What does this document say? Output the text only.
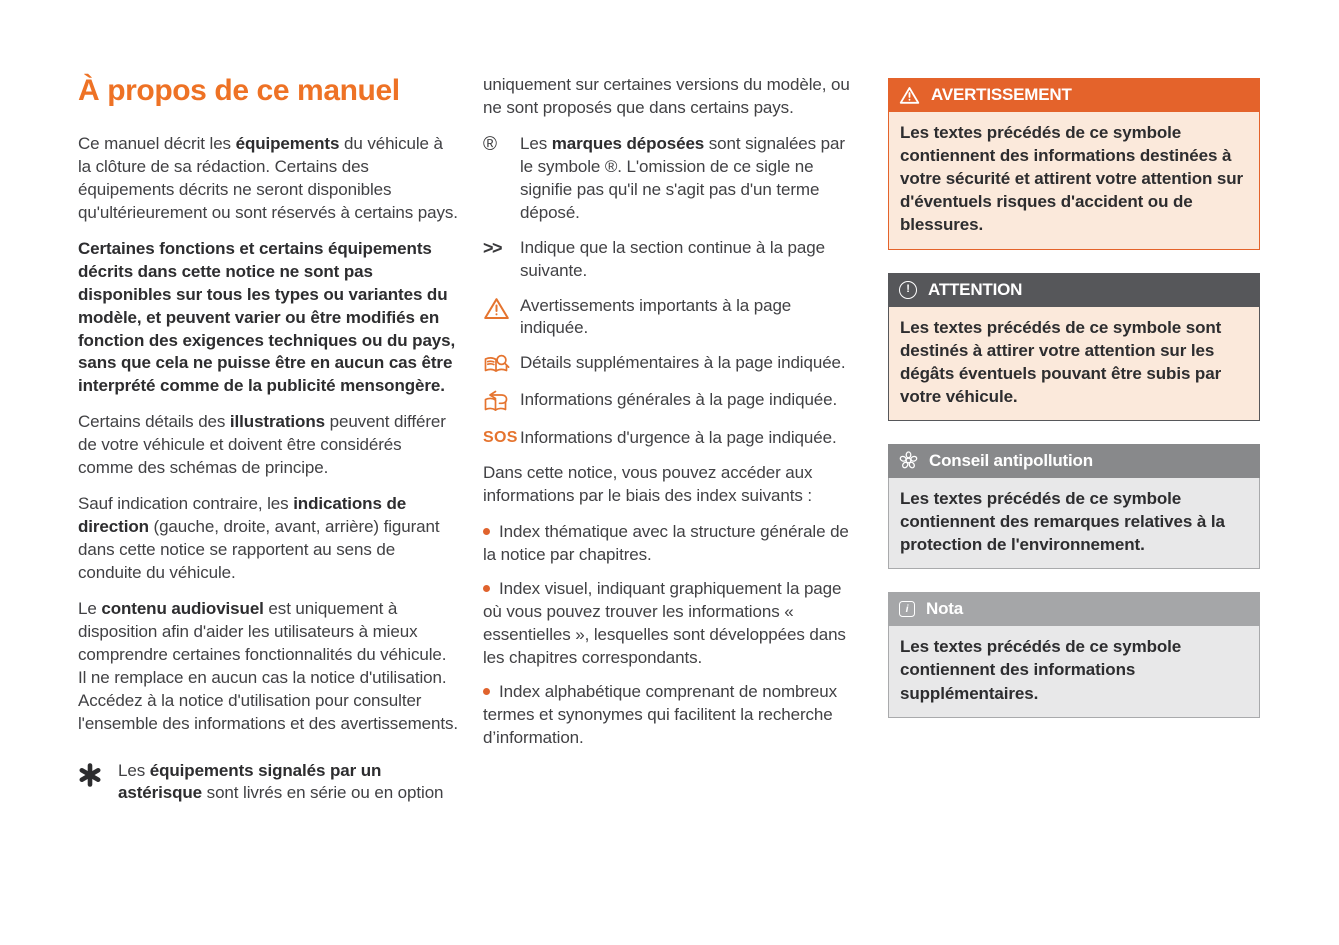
À propos de ce manuel

Ce manuel décrit les équipements du véhicule à la clôture de sa rédaction. Certains des équipements décrits ne seront disponibles qu'ultérieurement ou sont réservés à certains pays.

Certaines fonctions et certains équipements décrits dans cette notice ne sont pas disponibles sur tous les types ou variantes du modèle, et peuvent varier ou être modifiés en fonction des exigences techniques ou du pays, sans que cela ne puisse être en aucun cas être interprété comme de la publicité mensongère.

Certains détails des illustrations peuvent différer de votre véhicule et doivent être considérés comme des schémas de principe.

Sauf indication contraire, les indications de direction (gauche, droite, avant, arrière) figurant dans cette notice se rapportent au sens de conduite du véhicule.

Le contenu audiovisuel est uniquement à disposition afin d'aider les utilisateurs à mieux comprendre certaines fonctionnalités du véhicule. Il ne remplace en aucun cas la notice d'utilisation. Accédez à la notice d'utilisation pour consulter l'ensemble des informations et des avertissements.

Les équipements signalés par un astérisque sont livrés en série ou en option

uniquement sur certaines versions du modèle, ou ne sont proposés que dans certains pays.

®	Les marques déposées sont signalées par le symbole ®. L'omission de ce sigle ne signifie pas qu'il ne s'agit pas d'un terme déposé.

>>	Indique que la section continue à la page suivante.

Avertissements importants à la page indiquée.

Détails supplémentaires à la page indiquée.

Informations générales à la page indiquée.

SOS Informations d'urgence à la page indiquée.

Dans cette notice, vous pouvez accéder aux informations par le biais des index suivants :

Index thématique avec la structure générale de la notice par chapitres.

Index visuel, indiquant graphiquement la page où vous pouvez trouver les informations « essentielles », lesquelles sont développées dans les chapitres correspondants.

Index alphabétique comprenant de nombreux termes et synonymes qui facilitent la recherche d’information.

AVERTISSEMENT

Les textes précédés de ce symbole contiennent des informations destinées à votre sécurité et attirent votre attention sur d'éventuels risques d'accident ou de blessures.

!	ATTENTION

Les textes précédés de ce symbole sont destinés à attirer votre attention sur les dégâts éventuels pouvant être subis par votre véhicule.

Conseil antipollution

Les textes précédés de ce symbole contiennent des remarques relatives à la protection de l'environnement.

i	Nota

Les textes précédés de ce symbole contiennent des informations supplémentaires.
